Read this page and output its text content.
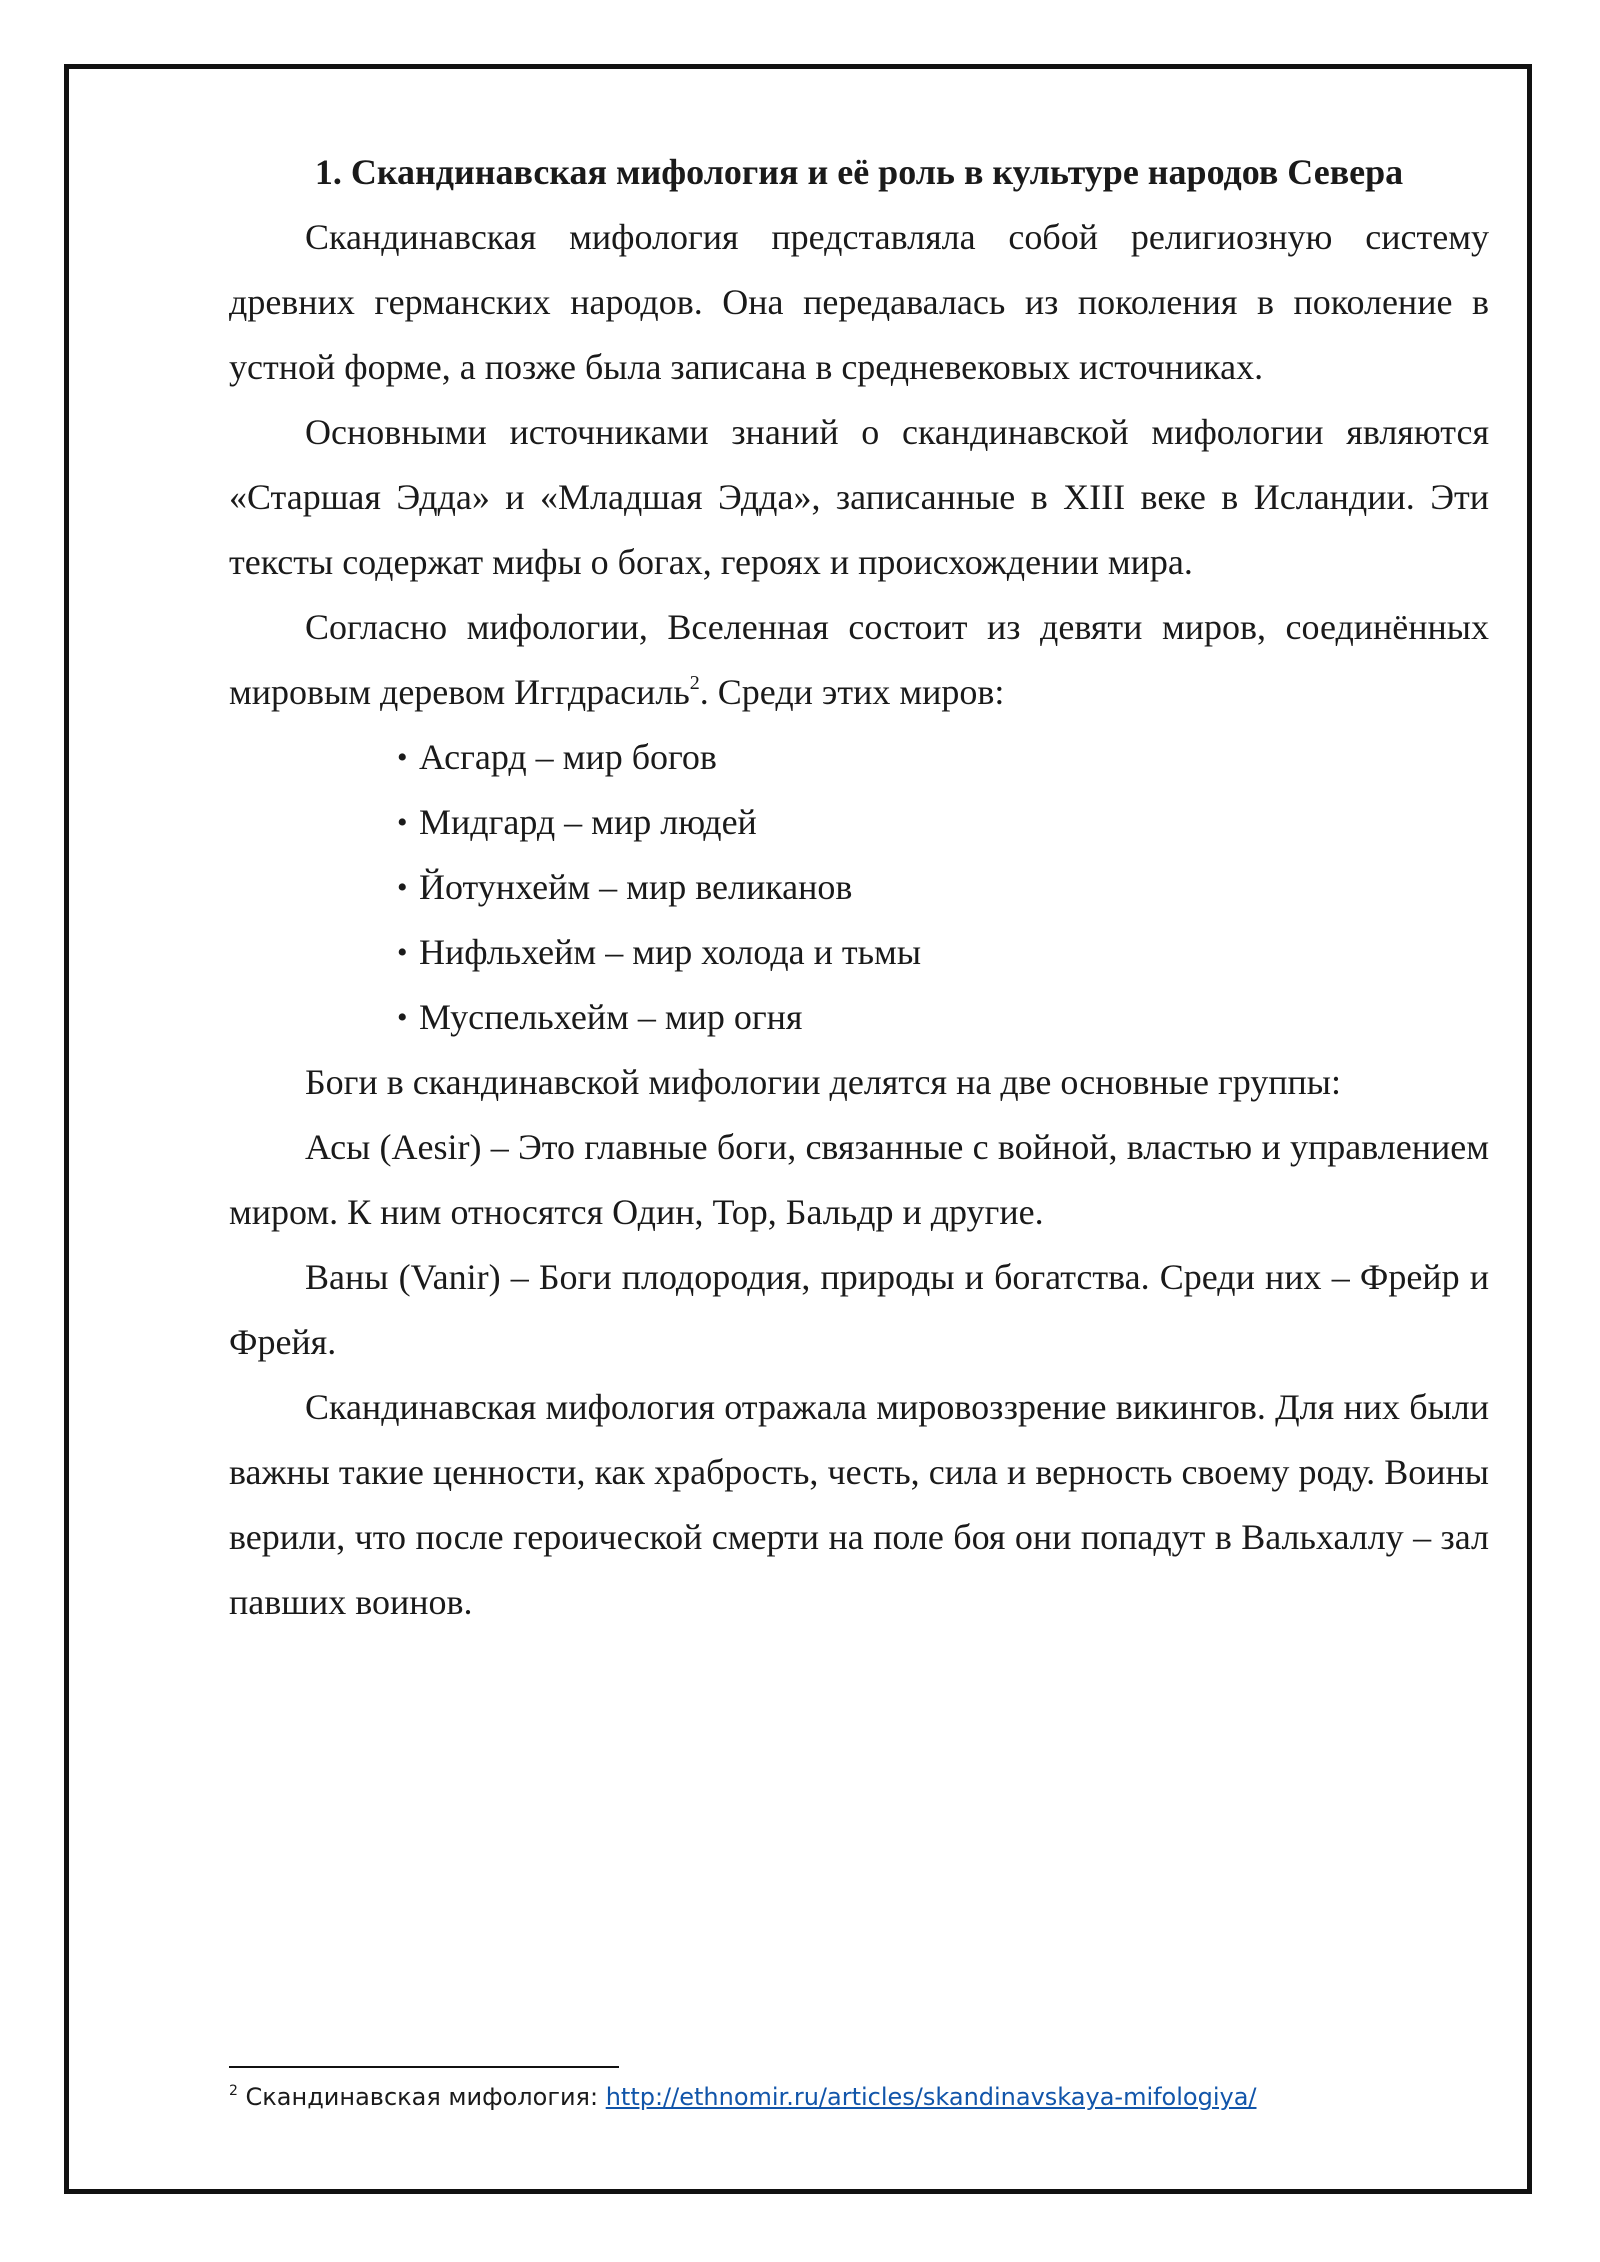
1. Скандинавская мифология и её роль в культуре народов Севера

Скандинавская мифология представляла собой религиозную систему древних германских народов. Она передавалась из поколения в поколение в устной форме, а позже была записана в средневековых источниках.

Основными источниками знаний о скандинавской мифологии являются «Старшая Эдда» и «Младшая Эдда», записанные в XIII веке в Исландии. Эти тексты содержат мифы о богах, героях и происхождении мира.

Согласно мифологии, Вселенная состоит из девяти миров, соединённых мировым деревом Иггдрасиль$^2$. Среди этих миров:

• Асгард – мир богов
• Мидгард – мир людей
• Йотунхейм – мир великанов
• Нифльхейм – мир холода и тьмы
• Муспельхейм – мир огня

Боги в скандинавской мифологии делятся на две основные группы:

Асы (Aesir) – Это главные боги, связанные с войной, властью и управлением миром. К ним относятся Один, Тор, Бальдр и другие.

Ваны (Vanir) – Боги плодородия, природы и богатства. Среди них – Фрейр и Фрейя.

Скандинавская мифология отражала мировоззрение викингов. Для них были важны такие ценности, как храбрость, честь, сила и верность своему роду. Воины верили, что после героической смерти на поле боя они попадут в Вальхаллу – зал павших воинов.

$^2$ Скандинавская мифология: http://ethnomir.ru/articles/skandinavskaya-mifologiya/
